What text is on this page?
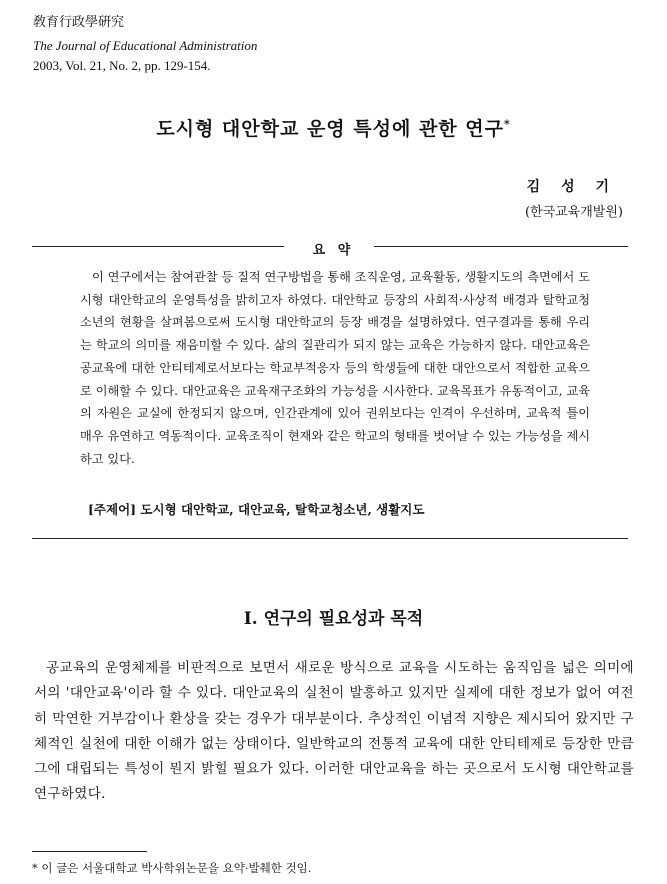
敎育行政學硏究
The Journal of Educational Administration
2003, Vol. 21, No. 2, pp. 129-154.
도시형 대안학교 운영 특성에 관한 연구*
김 성 기
(한국교육개발원)
요 약
이 연구에서는 참여관찰 등 질적 연구방법을 통해 조직운영, 교육활동, 생활지도의 측면에서 도시형 대안학교의 운영특성을 밝히고자 하였다. 대안학교 등장의 사회적·사상적 배경과 탈학교청소년의 현황을 살펴봄으로써 도시형 대안학교의 등장 배경을 설명하였다. 연구결과를 통해 우리는 학교의 의미를 재음미할 수 있다. 삶의 질관리가 되지 않는 교육은 가능하지 않다. 대안교육은 공교육에 대한 안티테제로서보다는 학교부적응자 등의 학생들에 대한 대안으로서 적합한 교육으로 이해할 수 있다. 대안교육은 교육재구조화의 가능성을 시사한다. 교육목표가 유동적이고, 교육의 자원은 교실에 한정되지 않으며, 인간관계에 있어 권위보다는 인격이 우선하며, 교육적 틀이 매우 유연하고 역동적이다. 교육조직이 현재와 같은 학교의 형태를 벗어날 수 있는 가능성을 제시하고 있다.
[주제어] 도시형 대안학교, 대안교육, 탈학교청소년, 생활지도
I. 연구의 필요성과 목적
공교육의 운영체제를 비판적으로 보면서 새로운 방식으로 교육을 시도하는 움직임을 넓은 의미에서의 '대안교육'이라 할 수 있다. 대안교육의 실천이 발흥하고 있지만 실제에 대한 정보가 없어 여전히 막연한 거부감이나 환상을 갖는 경우가 대부분이다. 추상적인 이념적 지향은 제시되어 왔지만 구체적인 실천에 대한 이해가 없는 상태이다. 일반학교의 전통적 교육에 대한 안티테제로 등장한 만큼 그에 대립되는 특성이 뭔지 밝힐 필요가 있다. 이러한 대안교육을 하는 곳으로서 도시형 대안학교를 연구하였다.
* 이 글은 서울대학교 박사학위논문을 요약·발췌한 것임.
